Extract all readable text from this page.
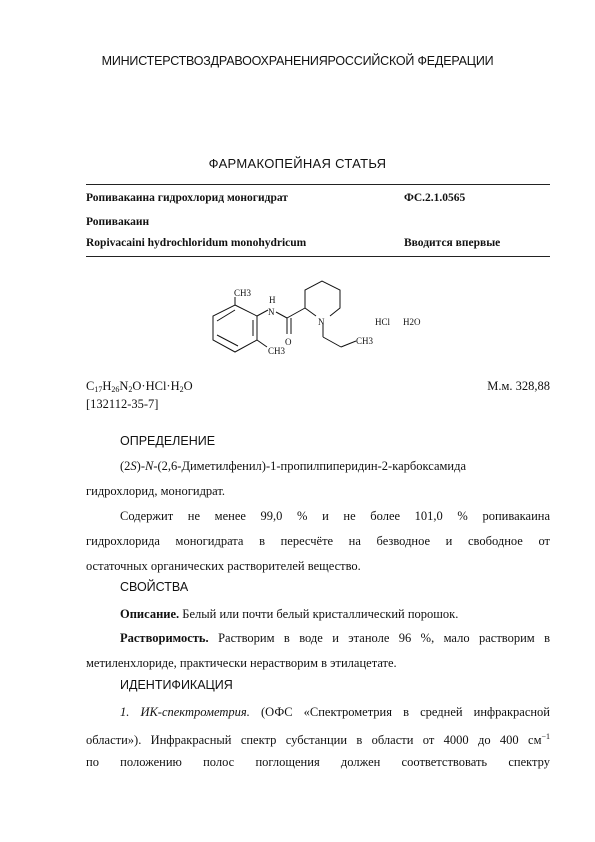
МИНИСТЕРСТВОЗДРАВООХРАНЕНИЯРОССИЙСКОЙ ФЕДЕРАЦИИ
ФАРМАКОПЕЙНАЯ СТАТЬЯ
Ропивакаина гидрохлорид моногидрат	ФС.2.1.0565
Ропивакаин
Ropivacaini hydrochloridum monohydricum	Вводится впервые
CH3
H
N
O
N
CH3
CH3
HCl H2O
$C_{17}H_{26}N_2O\cdot HCl\cdot H_2O$
[132112-35-7]
М.м. 328,88
ОПРЕДЕЛЕНИЕ
(2S)-N-(2,6-Диметилфенил)-1-пропилпиперидин-2-карбоксамида
гидрохлорид, моногидрат.
Содержит не менее 99,0 % и не более 101,0 % ропивакаина
гидрохлорида моногидрата в пересчёте на безводное и свободное от
остаточных органических растворителей вещество.
СВОЙСТВА
Описание. Белый или почти белый кристаллический порошок.
Растворимость. Растворим в воде и этаноле 96 %, мало растворим в
метиленхлориде, практически нерастворим в этилацетате.
ИДЕНТИФИКАЦИЯ
1. ИК-спектрометрия. (ОФС «Спектрометрия в средней инфракрасной
области»). Инфракрасный спектр субстанции в области от 4000 до 400 $см^{-1}$
по положению полос поглощения должен соответствовать спектру
